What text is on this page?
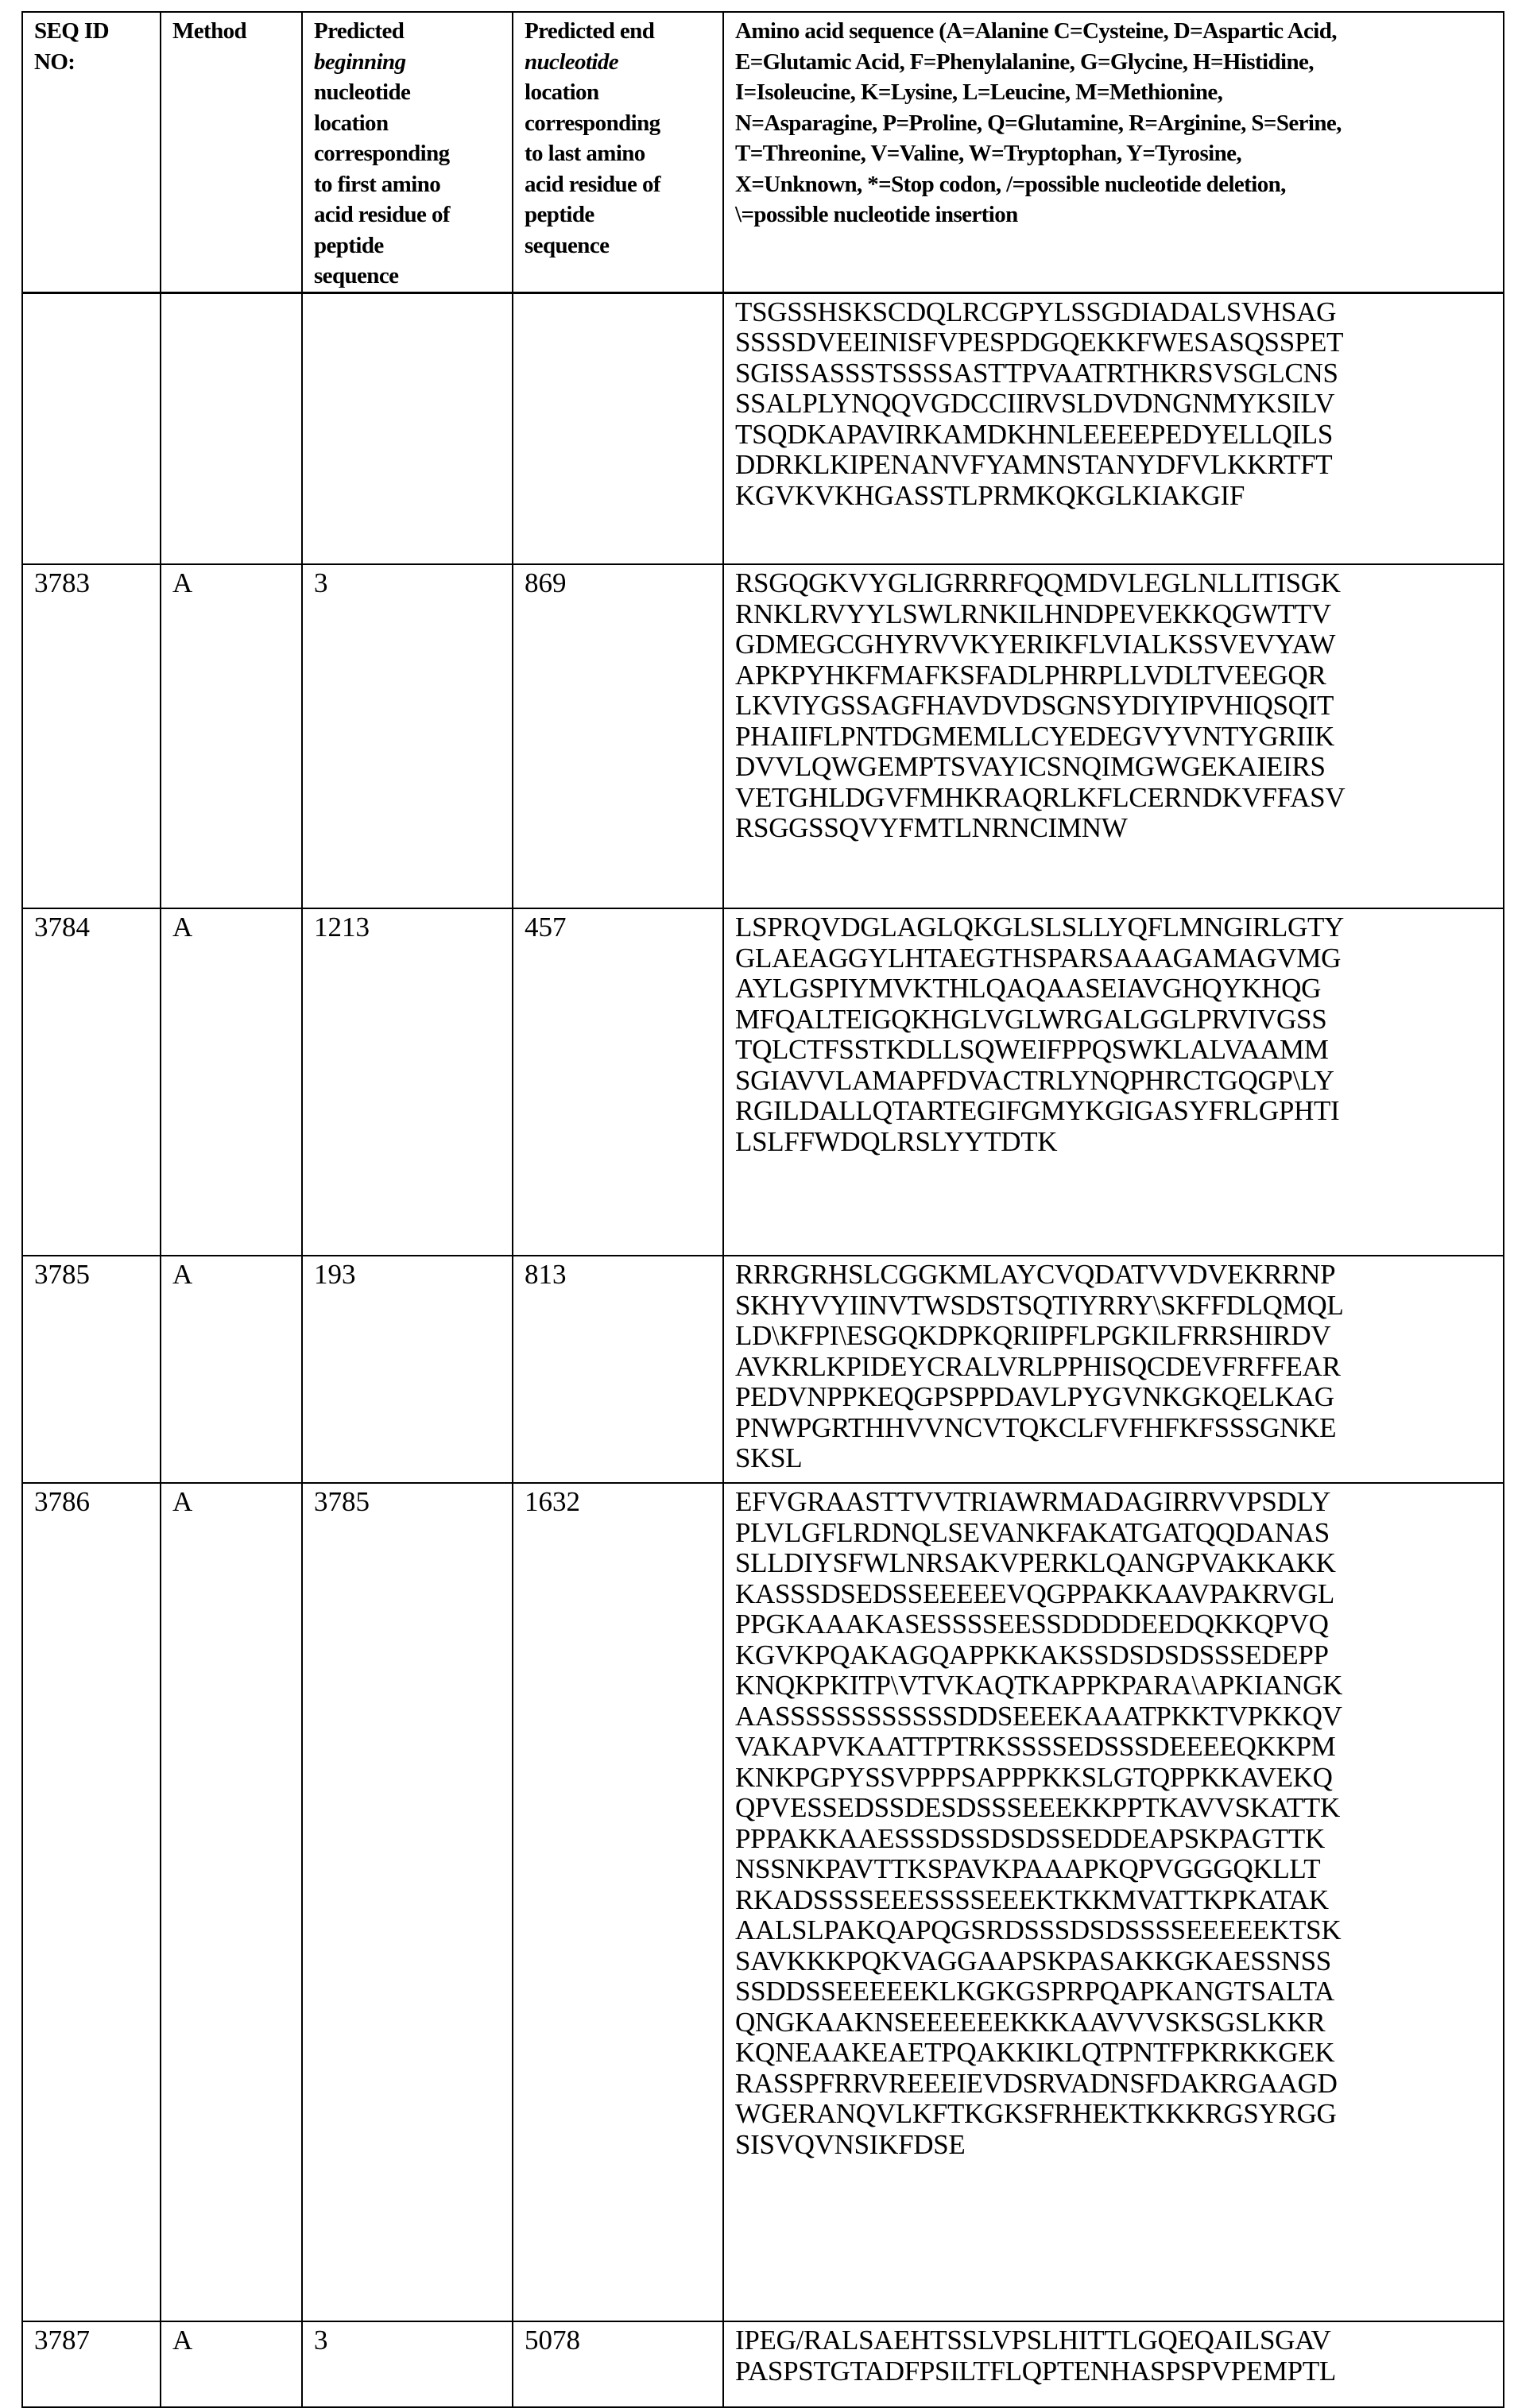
SEQ ID
NO:

Method	Predicted
beginning
nucleotide
location
corresponding
to first amino
acid residue of
peptide
sequence

Predicted end
nucleotide
location
corresponding
to last amino
acid residue of
peptide
sequence

Amino acid sequence (A=Alanine C=Cysteine, D=Aspartic Acid,
E=Glutamic Acid, F=Phenylalanine, G=Glycine, H=Histidine,
I=Isoleucine, K=Lysine, L=Leucine, M=Methionine,
N=Asparagine, P=Proline, Q=Glutamine, R=Arginine, S=Serine,
T=Threonine, V=Valine, W=Tryptophan, Y=Tyrosine,
X=Unknown, *=Stop codon, /=possible nucleotide deletion,
\=possible nucleotide insertion

TSGSSHSKSCDQLRCGPYLSSGDIADALSVHSAG
SSSSDVEEINISFVPESPDGQEKKFWESASQSSPET
SGISSASSSTSSSSASTTPVAATRTHKRSVSGLCNS
SSALPLYNQQVGDCCIIRVSLDVDNGNMYKSILV
TSQDKAPAVIRKAMDKHNLEEEEPEDYELLQILS
DDRKLKIPENANVFYAMNSTANYDFVLKKRTFT
KGVKVKHGASSTLPRMKQKGLKIAKGIF

3783	A	3	869	RSGQGKVYGLIGRRRFQQMDVLEGLNLLITISGK
RNKLRVYYLSWLRNKILHNDPEVEKKQGWTTV
GDMEGCGHYRVVKYERIKFLVIALKSSVEVYAW
APKPYHKFMAFKSFADLPHRPLLVDLTVEEGQR
LKVIYGSSAGFHAVDVDSGNSYDIYIPVHIQSQIT
PHAIIFLPNTDGMEMLLCYEDEGVYVNTYGRIIK
DVVLQWGEMPTSVAYICSNQIMGWGEKAIEIRS
VETGHLDGVFMHKRAQRLKFLCERNDKVFFASV
RSGGSSQVYFMTLNRNCIMNW

3784	A	1213	457	LSPRQVDGLAGLQKGLSLSLLYQFLMNGIRLGTY
GLAEAGGYLHTAEGTHSPARSAAAGAMAGVMG
AYLGSPIYMVKTHLQAQAASEIAVGHQYKHQG
MFQALTEIGQKHGLVGLWRGALGGLPRVIVGSS
TQLCTFSSTKDLLSQWEIFPPQSWKLALVAAMM
SGIAVVLAMAPFDVACTRLYNQPHRCTGQGP\LY
RGILDALLQTARTEGIFGMYKGIGASYFRLGPHTI
LSLFFWDQLRSLYYTDTK

3785	A	193	813	RRRGRHSLCGGKMLAYCVQDATVVDVEKRRNP
SKHYVYIINVTWSDSTSQTIYRRY\SKFFDLQMQL
LD\KFPI\ESGQKDPKQRIIPFLPGKILFRRSHIRDV
AVKRLKPIDEYCRALVRLPPHISQCDEVFRFFEAR
PEDVNPPKEQGPSPPDAVLPYGVNKGKQELKAG
PNWPGRTHHVVNCVTQKCLFVFHFKFSSSGNKE
SKSL

3786	A	3785	1632	EFVGRAASTTVVTRIAWRMADAGIRRVVPSDLY
PLVLGFLRDNQLSEVANKFAKATGATQQDANAS
SLLDIYSFWLNRSAKVPERKLQANGPVAKKAKK
KASSSDSEDSSEEEEEVQGPPAKKAAVPAKRVGL
PPGKAAAKASESSSSEESSDDDDEEDQKKQPVQ
KGVKPQAKAGQAPPKKAKSSDSDSDSSSEDEPP
KNQKPKITP\VTVKAQTKAPPKPARA\APKIANGK
AASSSSSSSSSSSSDDSEEEKAAATPKKTVPKKQV
VAKAPVKAATTPTRKSSSSEDSSSDEEEEQKKPM
KNKPGPYSSVPPPSAPPPKKSLGTQPPKKAVEKQ
QPVESSEDSSDESDSSSEEEKKPPTKAVVSKATTK
PPPAKKAAESSSDSSDSDSSEDDEAPSKPAGTTK
NSSNKPAVTTKSPAVKPAAAPKQPVGGGQKLLT
RKADSSSSEEESSSSEEEKTKKMVATTKPKATAK
AALSLPAKQAPQGSRDSSSDSDSSSSEEEEEKTSK
SAVKKKPQKVAGGAAPSKPASAKKGKAESSNSS
SSDDSSEEEEEKLKGKGSPRPQAPKANGTSALTA
QNGKAAKNSEEEEEEKKKAAVVVSKSGSLKKR
KQNEAAKEAETPQAKKIKLQTPNTFPKRKKGEK
RASSPFRRVREEEIEVDSRVADNSFDAKRGAAGD
WGERANQVLKFTKGKSFRHEKTKKKRGSYRGG
SISVQVNSIKFDSE

3787	A	3	5078	IPEG/RALSAEHTSSLVPSLHITTLGQEQAILSGAV
PASPSTGTADFPSILTFLQPTENHASPSPVPEMPTL
